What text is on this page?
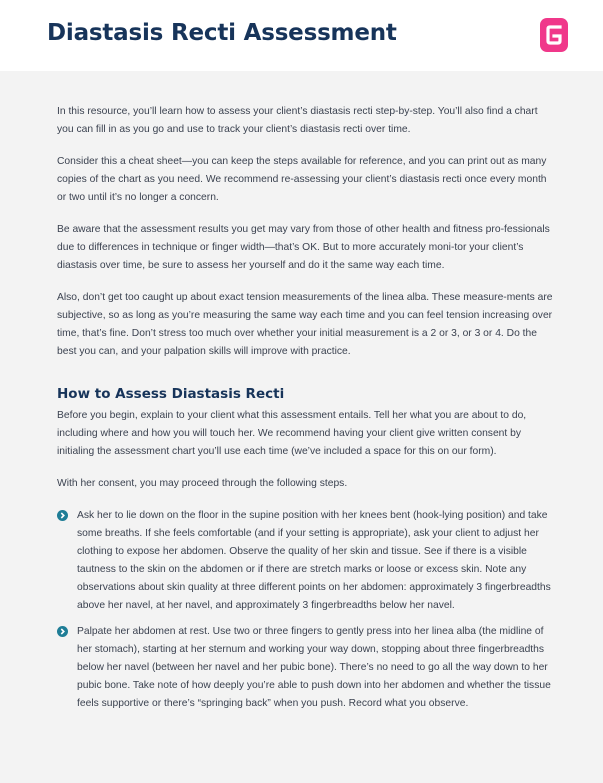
Diastasis Recti Assessment

In this resource, you’ll learn how to assess your client’s diastasis recti step-by-step. You’ll also find a chart you can fill in as you go and use to track your client’s diastasis recti over time.

Consider this a cheat sheet—you can keep the steps available for reference, and you can print out as many copies of the chart as you need. We recommend re-assessing your client’s diastasis recti once every month or two until it’s no longer a concern.

Be aware that the assessment results you get may vary from those of other health and fitness pro-fessionals due to differences in technique or finger width—that’s OK. But to more accurately moni-tor your client’s diastasis over time, be sure to assess her yourself and do it the same way each time.

Also, don’t get too caught up about exact tension measurements of the linea alba. These measure-ments are subjective, so as long as you’re measuring the same way each time and you can feel tension increasing over time, that’s fine. Don’t stress too much over whether your initial measurement is a 2 or 3, or 3 or 4. Do the best you can, and your palpation skills will improve with practice.

How to Assess Diastasis Recti

Before you begin, explain to your client what this assessment entails. Tell her what you are about to do, including where and how you will touch her. We recommend having your client give written consent by initialing the assessment chart you’ll use each time (we’ve included a space for this on our form).

With her consent, you may proceed through the following steps.

Ask her to lie down on the floor in the supine position with her knees bent (hook-lying position) and take some breaths. If she feels comfortable (and if your setting is appropriate), ask your client to adjust her clothing to expose her abdomen. Observe the quality of her skin and tissue. See if there is a visible tautness to the skin on the abdomen or if there are stretch marks or loose or excess skin. Note any observations about skin quality at three different points on her abdomen: approximately 3 fingerbreadths above her navel, at her navel, and approximately 3 fingerbreadths below her navel.
Palpate her abdomen at rest. Use two or three fingers to gently press into her linea alba (the midline of her stomach), starting at her sternum and working your way down, stopping about three fingerbreadths below her navel (between her navel and her pubic bone). There’s no need to go all the way down to her pubic bone. Take note of how deeply you’re able to push down into her abdomen and whether the tissue feels supportive or there’s “springing back” when you push. Record what you observe.
